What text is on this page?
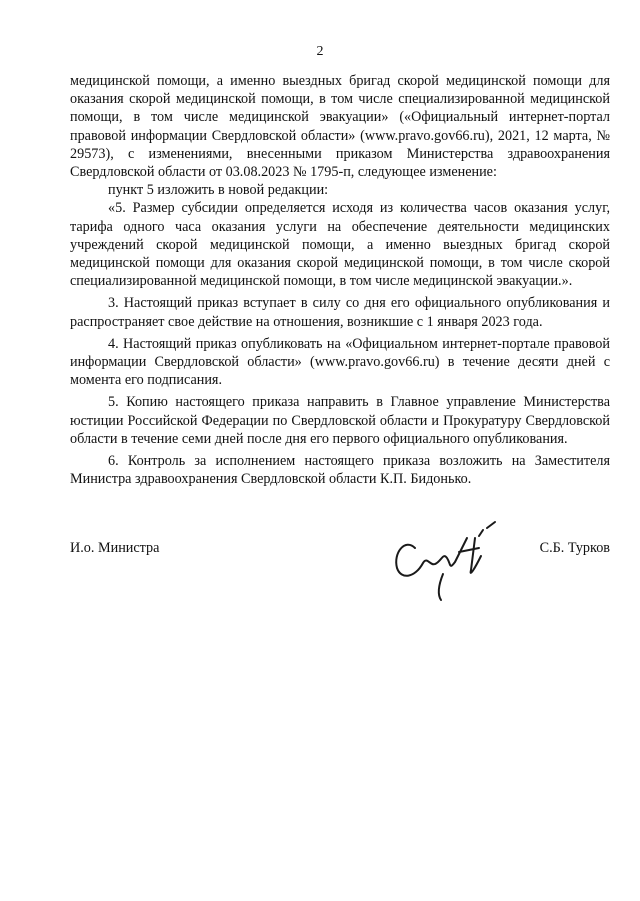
2

медицинской помощи, а именно выездных бригад скорой медицинской помощи для оказания скорой медицинской помощи, в том числе специализированной медицинской помощи, в том числе медицинской эвакуации» («Официальный интернет-портал правовой информации Свердловской области» (www.pravo.gov66.ru), 2021, 12 марта, № 29573), с изменениями, внесенными приказом Министерства здравоохранения Свердловской области от 03.08.2023 № 1795-п, следующее изменение:

пункт 5 изложить в новой редакции:

«5. Размер субсидии определяется исходя из количества часов оказания услуг, тарифа одного часа оказания услуги на обеспечение деятельности медицинских учреждений скорой медицинской помощи, а именно выездных бригад скорой медицинской помощи для оказания скорой медицинской помощи, в том числе скорой специализированной медицинской помощи, в том числе медицинской эвакуации.».

3. Настоящий приказ вступает в силу со дня его официального опубликования и распространяет свое действие на отношения, возникшие с 1 января 2023 года.

4. Настоящий приказ опубликовать на «Официальном интернет-портале правовой информации Свердловской области» (www.pravo.gov66.ru) в течение десяти дней с момента его подписания.

5. Копию настоящего приказа направить в Главное управление Министерства юстиции Российской Федерации по Свердловской области и Прокуратуру Свердловской области в течение семи дней после дня его первого официального опубликования.

6. Контроль за исполнением настоящего приказа возложить на Заместителя Министра здравоохранения Свердловской области К.П. Бидонько.

И.о. Министра	С.Б. Турков
